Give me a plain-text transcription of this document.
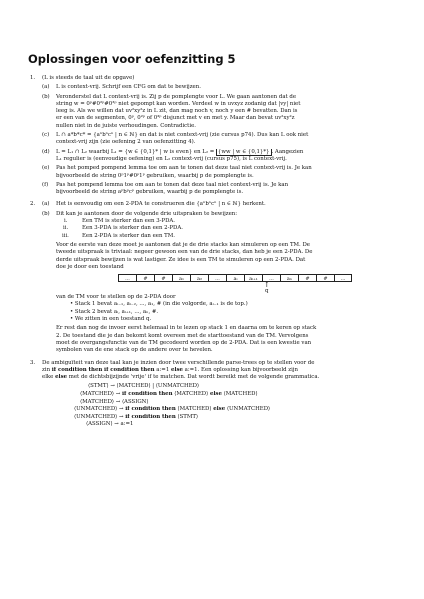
Oplossingen voor oefenzitting 5
1.	(L is steeds de taal uit de opgave)
(a)	L is context-vrij. Schrijf een CFG om dat te bewijzen.
(b)	Veronderstel dat L context-vrij is. Zij p de pomplengte voor L. We gaan aantonen dat de
string w = 0ᵖ#0²ᵖ#0³ᵖ niet gepompt kan worden. Verdeel w in uvxyz zodanig dat |vy| niet
leeg is. Als we willen dat uv²xy²z in L zit, dan mag noch v, noch y een # bevatten. Dan is
er een van de segmenten, 0ᵖ, 0²ᵖ of 0³ᵖ disjunct met v en met y. Maar dan bevat uv²xy²z
nullen niet in de juiste verhoudingen. Contradictie.
(c)	L ∩ a*b*c* = {aⁿbⁿcⁿ | n ∈ ℕ} en dat is niet context-vrij (zie cursus p74). Dus kan L ook niet
context-vrij zijn (zie oefening 2 van oefenzitting 4).
(d)	L = L₁ ∩ L₂ waarbij L₁ = {w ∈ {0,1}* | w is even} en L₂ = {ww | w ∈ {0,1}*} . Aangezien
L₁ regulier is (eenvoudige oefening) en L₂ context-vrij (cursus p75), is L context-vrij.
(e)	Pas het pomped pompend lemma toe om aan te tonen dat deze taal niet context-vrij is. Je kan
bijvoorbeeld de string 0ᵖ1ᵖ#0ᵖ1ᵖ gebruiken, waarbij p de pomplengte is.
(f)	Pas het pompend lemma toe om aan te tonen dat deze taal niet context-vrij is. Je kan
bijvoorbeeld de string aᵖbᵖcᵖ gebruiken, waarbij p de pomplengte is.
2. (a)	Het is eenvoudig om een 2-PDA te construeren die {aⁿbⁿcⁿ | n ∈ ℕ} herkent.
(b)	Dit kan je aantonen door de volgende drie uitspraken te bewijzen:
i.	Een TM is sterker dan een 3-PDA.
ii.	Een 3-PDA is sterker dan een 2-PDA.
iii.	Een 2-PDA is sterker dan een TM.
Voor de eerste van deze moet je aantonen dat je de drie stacks kan simuleren op een TM. De
tweede uitspraak is triviaal: negeer gewoon een van de drie stacks, dan heb je een 2-PDA. De
derde uitspraak bewijzen is wat lastiger. Ze idee is een TM te simuleren op een 2-PDA. Dat
doe je door een toestand
...	#	#	a₁	a₂	...	aᵢ	aᵢ₊₁	...	aₙ	#	#	...
↑
q
van de TM voor te stellen op de 2-PDA door
• Stack 1 bevat aᵢ₋₁, aᵢ₋₂, ..., a₁, # (in die volgorde, aᵢ₋₁ is de top.)
• Stack 2 bevat aᵢ, aᵢ₊₁, ..., aₙ, #.
• We zitten in een toestand q.
Er rest dan nog de invoer eerst helemaal in te lezen op stack 1 en daarna om te keren op stack
2. De toestand die je dan bekomt komt overeen met de starttoestand van de TM. Vervolgens
moet de overgangsfunctie van de TM gecodeerd worden op de 2-PDA. Dat is een kwestie van
symbolen van de ene stack op de andere over te hevelen.
3.	De ambiguïteit van deze taal kan je inzien door twee verschillende parse-trees op te stellen voor de
zin if condition then if condition then a:=1 else a:=1. Een oplossing kan bijvoorbeeld zijn
elke else met de dichtsbijzijnde 'vrije' if te matchen. Dat wordt bereikt met de volgende grammatica.
⟨STMT⟩ → ⟨MATCHED⟩ | ⟨UNMATCHED⟩
⟨MATCHED⟩ → if condition then ⟨MATCHED⟩ else ⟨MATCHED⟩
⟨MATCHED⟩ → ⟨ASSIGN⟩
⟨UNMATCHED⟩ → if condition then ⟨MATCHED⟩ else ⟨UNMATCHED⟩
⟨UNMATCHED⟩ → if condition then ⟨STMT⟩
⟨ASSIGN⟩ → a:=1
